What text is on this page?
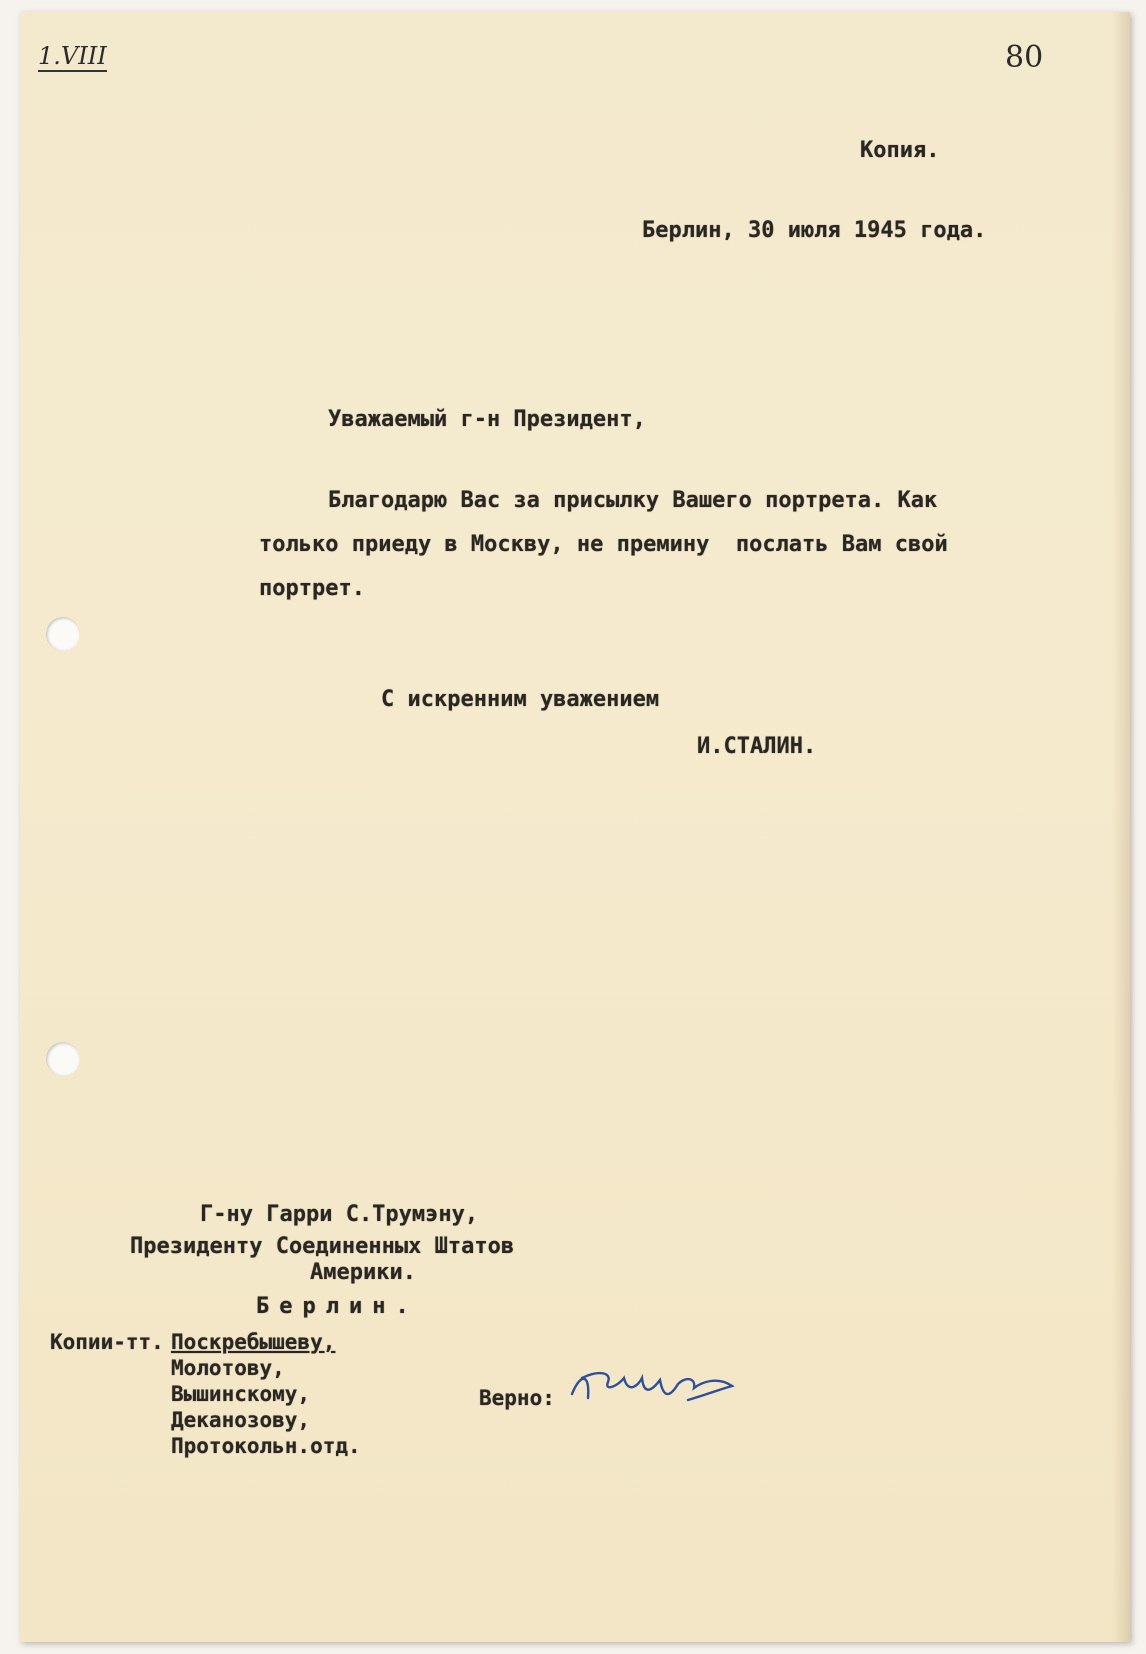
1.VIII	80

Копия.

Берлин, 30 июля 1945 года.

Уважаемый г-н Президент,

Благодарю Вас за присылку Вашего портрета. Как

только приеду в Москву, не премину  послать Вам свой

портрет.

С искренним уважением

И.СТАЛИН.

Г-ну Гарри С.Трумэну,

Президенту Соединенных Штатов

Америки.

Берлин.

Копии-тт. Поскребышеву,

Молотову,

Вышинскому,

Деканозову,

Протокольн.отд.

Верно:
